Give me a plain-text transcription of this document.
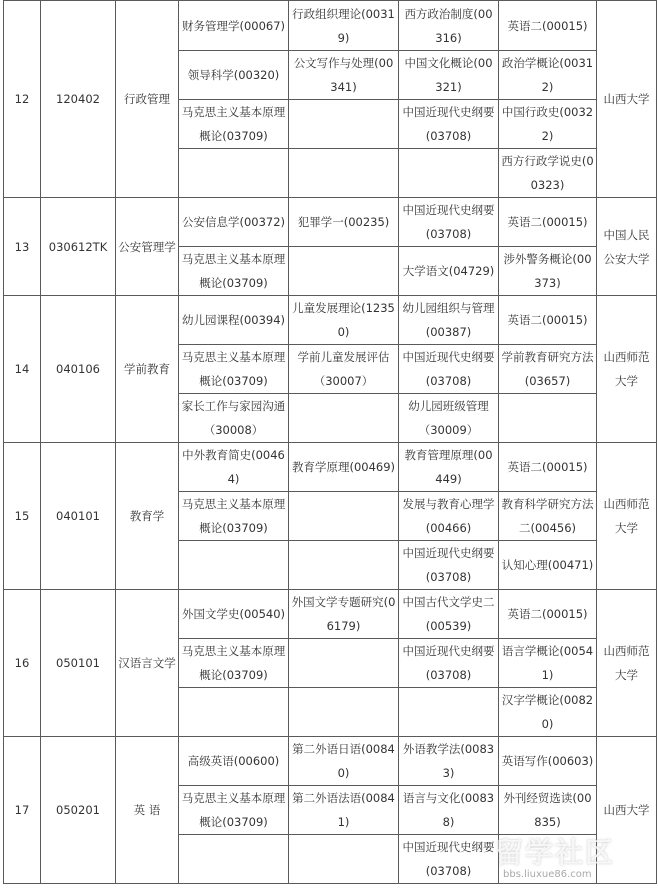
12	120402	行政管理	财务管理学(00067)	行政组织理论(00319)	西方政治制度(00316)	英语二(00015)	山西大学
			领导科学(00320)	公文写作与处理(00341)	中国文化概论(00321)	政治学概论(00312)	
			马克思主义基本原理概论(03709)		中国近现代史纲要(03708)	中国行政史(00322)	
						西方行政学说史(00323)	
13	030612TK	公安管理学	公安信息学(00372)	犯罪学一(00235)	中国近现代史纲要(03708)	英语二(00015)	中国人民公安大学
			马克思主义基本原理概论(03709)		大学语文(04729)	涉外警务概论(00373)	
14	040106	学前教育	幼儿园课程(00394)	儿童发展理论(12350)	幼儿园组织与管理(00387)	英语二(00015)	山西师范大学
			马克思主义基本原理概论(03709)	学前儿童发展评估（30007）	中国近现代史纲要(03708)	学前教育研究方法(03657)	
			家长工作与家园沟通（30008）		幼儿园班级管理（30009）		
15	040101	教育学	中外教育简史(00464)	教育学原理(00469)	教育管理原理(00449)	英语二(00015)	山西师范大学
			马克思主义基本原理概论(03709)		发展与教育心理学(00466)	教育科学研究方法二(00456)	
					中国近现代史纲要(03708)	认知心理(00471)	
16	050101	汉语言文学	外国文学史(00540)	外国文学专题研究(06179)	中国古代文学史二(00539)	英语二(00015)	山西师范大学
			马克思主义基本原理概论(03709)		中国近现代史纲要(03708)	语言学概论(00541)	
						汉字学概论(00820)	
17	050201	英 语	高级英语(00600)	第二外语日语(00840)	外语教学法(00833)	英语写作(00603)	山西大学
			马克思主义基本原理概论(03709)	第二外语法语(00841)	语言与文化(00838)	外刊经贸选读(00835)	
					中国近现代史纲要(03708)		
留学社区
bbs.liuxue86.com
